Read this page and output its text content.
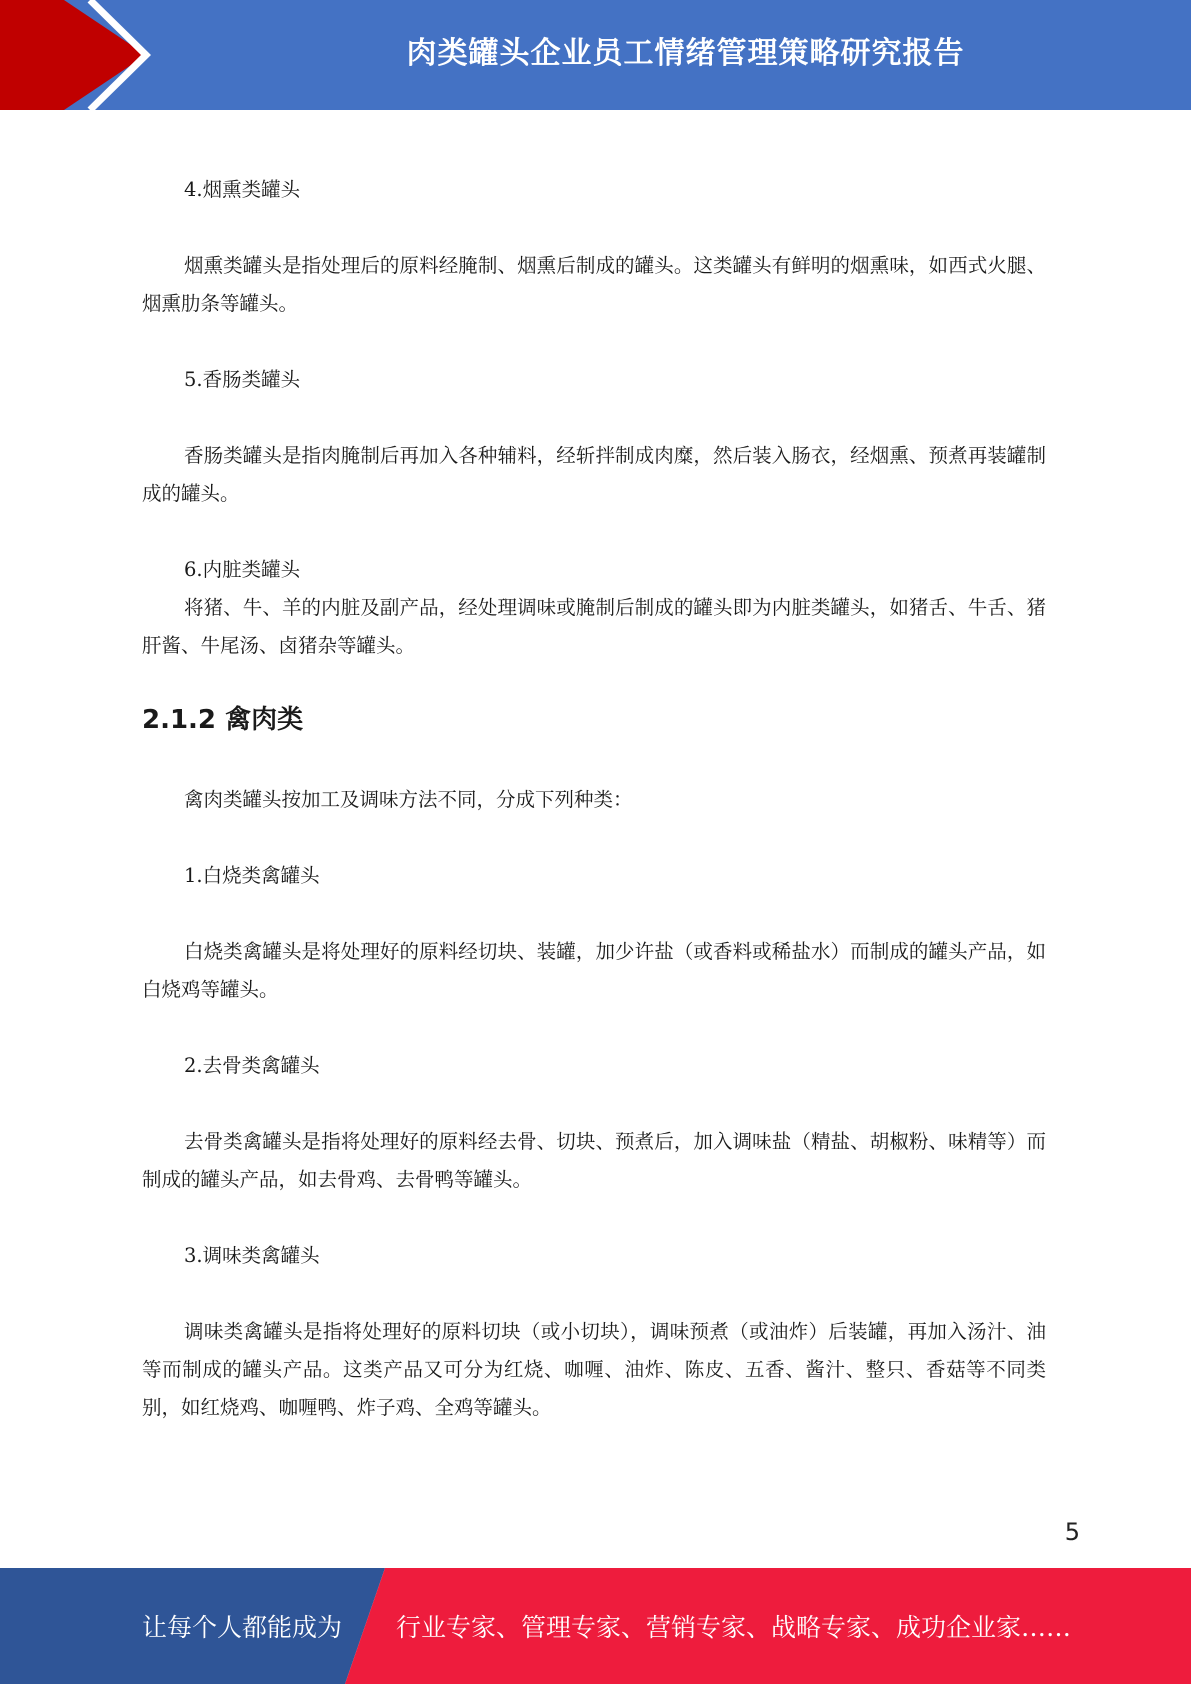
肉类罐头企业员工情绪管理策略研究报告

4.烟熏类罐头

烟熏类罐头是指处理后的原料经腌制、烟熏后制成的罐头。这类罐头有鲜明的烟熏味，如西式火腿、烟熏肋条等罐头。

5.香肠类罐头

香肠类罐头是指肉腌制后再加入各种辅料，经斩拌制成肉糜，然后装入肠衣，经烟熏、预煮再装罐制成的罐头。

6.内脏类罐头

将猪、牛、羊的内脏及副产品，经处理调味或腌制后制成的罐头即为内脏类罐头，如猪舌、牛舌、猪肝酱、牛尾汤、卤猪杂等罐头。

2.1.2 禽肉类

禽肉类罐头按加工及调味方法不同，分成下列种类：

1.白烧类禽罐头

白烧类禽罐头是将处理好的原料经切块、装罐，加少许盐（或香料或稀盐水）而制成的罐头产品，如白烧鸡等罐头。

2.去骨类禽罐头

去骨类禽罐头是指将处理好的原料经去骨、切块、预煮后，加入调味盐（精盐、胡椒粉、味精等）而制成的罐头产品，如去骨鸡、去骨鸭等罐头。

3.调味类禽罐头

调味类禽罐头是指将处理好的原料切块（或小切块），调味预煮（或油炸）后装罐，再加入汤汁、油等而制成的罐头产品。这类产品又可分为红烧、咖喱、油炸、陈皮、五香、酱汁、整只、香菇等不同类别，如红烧鸡、咖喱鸭、炸子鸡、全鸡等罐头。

5
让每个人都能成为 行业专家、管理专家、营销专家、战略专家、成功企业家……
